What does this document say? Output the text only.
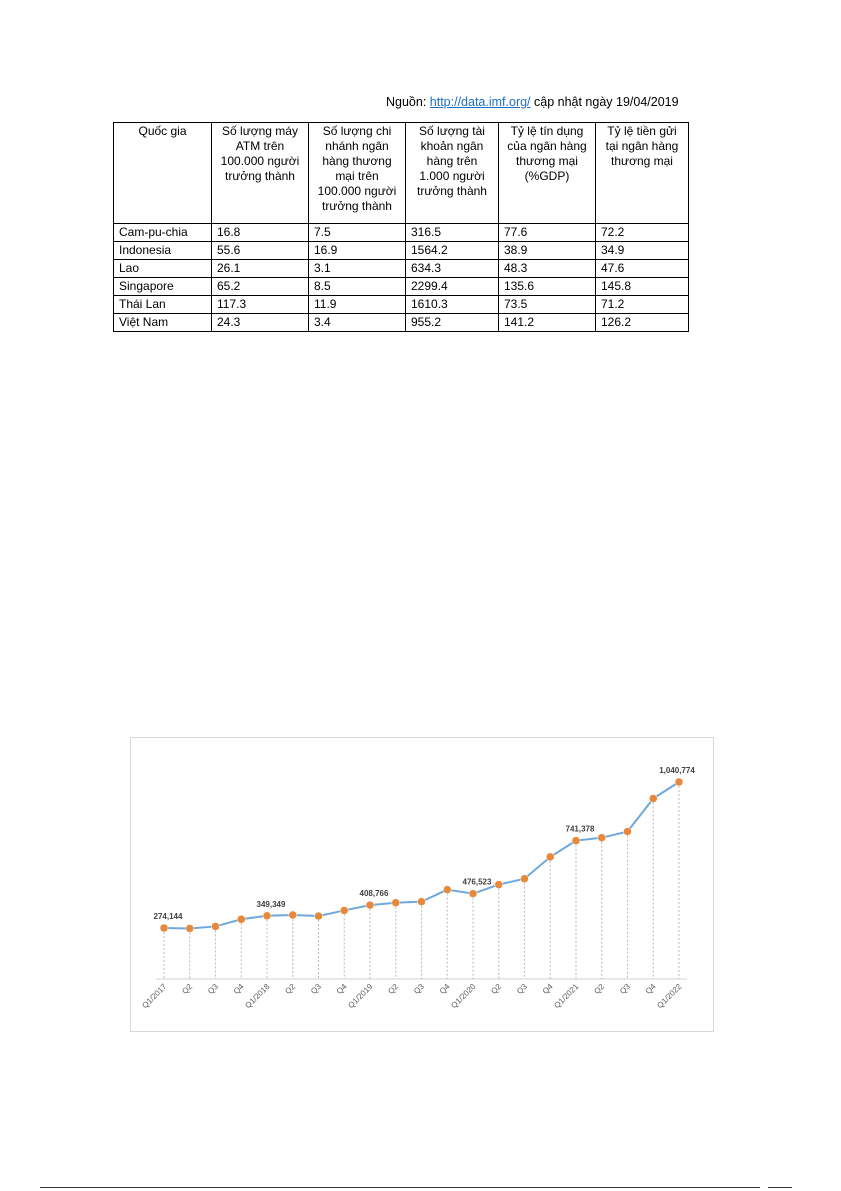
Nguồn: http://data.imf.org/ cập nhật ngày 19/04/2019
Quốc gia	Số lượng máy ATM trên 100.000 người trưởng thành	Số lượng chi nhánh ngân hàng thương mại trên 100.000 người trưởng thành	Số lượng tài khoản ngân hàng trên 1.000 người trưởng thành	Tỷ lệ tín dụng của ngân hàng thương mại (%GDP)	Tỷ lệ tiền gửi tại ngân hàng thương mại
Cam-pu-chia	16.8	7.5	316.5	77.6	72.2
Indonesia	55.6	16.9	1564.2	38.9	34.9
Lao	26.1	3.1	634.3	48.3	47.6
Singapore	65.2	8.5	2299.4	135.6	145.8
Thái Lan	117.3	11.9	1610.3	73.5	71.2
Việt Nam	24.3	3.4	955.2	141.2	126.2
274,144
349,349
408,766
476,523
741,378
1,040,774
Q1/2017 Q2 Q3 Q4
Q1/2018 Q2 Q3 Q4
Q1/2019 Q2 Q3 Q4
Q1/2020 Q2 Q3 Q4
Q1/2021 Q2 Q3 Q4
Q1/2022
